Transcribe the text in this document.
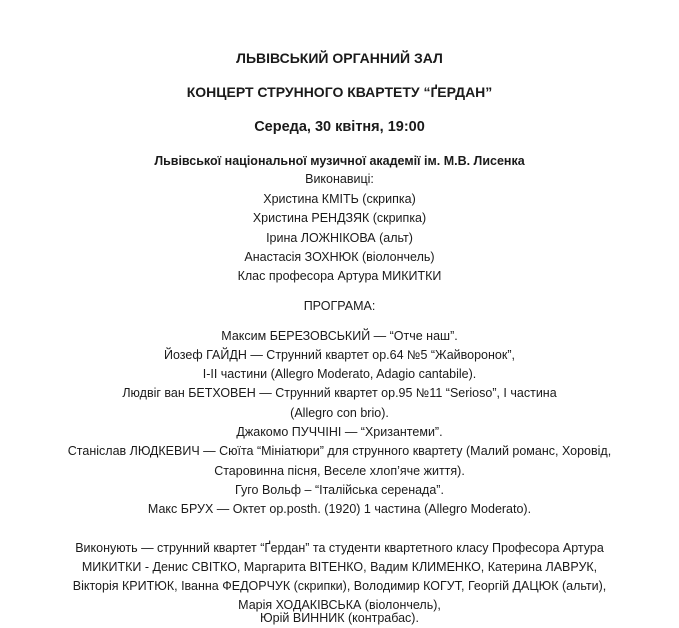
ЛЬВІВСЬКИЙ ОРГАННИЙ ЗАЛ
КОНЦЕРТ СТРУННОГО КВАРТЕТУ “ҐЕРДАН”
Середа, 30 квітня, 19:00
Львівської національної музичної академії ім. М.В. Лисенка
Виконавиці:
Христина КМІТЬ (скрипка)
Христина РЕНДЗЯК (скрипка)
Ірина ЛОЖНІКОВА (альт)
Анастасія ЗОХНЮК (віолончель)
Клас професора Артура МИКИТКИ
ПРОГРАМА:
Максим БЕРЕЗОВСЬКИЙ — “Отче наш”.
Йозеф ГАЙДН — Струнний квартет op.64 №5 “Жайворонок”,
I-II частини (Allegro Moderato, Adagio cantabile).
Людвіг ван БЕТХОВЕН — Струнний квартет op.95 №11 “Serioso”, I частина
(Allegro con brio).
Джакомо ПУЧЧІНІ — “Хризантеми”.
Станіслав ЛЮДКЕВИЧ — Сюїта “Мініатюри” для струнного квартету (Малий романс, Хоровід,
Старовинна пісня, Веселе хлоп’яче життя).
Гуго Вольф – “Італійська серенада”.
Макс БРУХ — Октет op.posth. (1920) 1 частина (Allegro Moderato).
Виконують — струнний квартет “Ґердан” та студенти квартетного класу Професора Артура
МИКИТКИ - Денис СВІТКО, Маргарита ВІТЕНКО, Вадим КЛИМЕНКО, Катерина ЛАВРУК,
Вікторія КРИТЮК, Іванна ФЕДОРЧУК (скрипки), Володимир КОГУТ, Георгій ДАЦЮК (альти),
Марія ХОДАКІВСЬКА (віолончель),
Юрій ВИННИК (контрабас).
